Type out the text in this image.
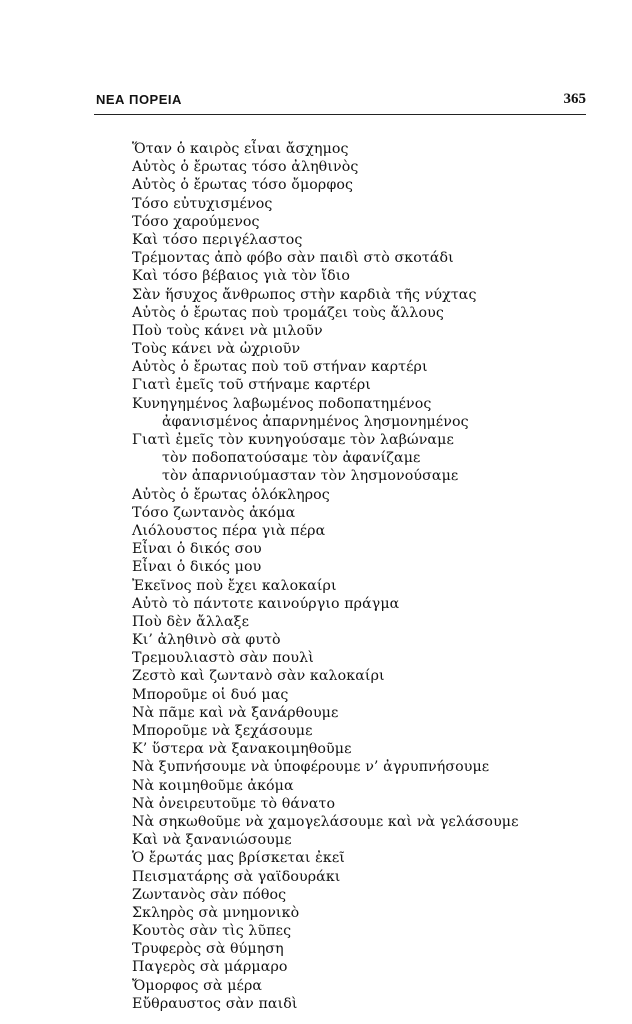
ΝΕΑ ΠΟΡΕΙΑ	365
Ὅταν ὁ καιρὸς εἶναι ἄσχημος
Αὐτὸς ὁ ἔρωτας τόσο ἀληθινὸς
Αὐτὸς ὁ ἔρωτας τόσο ὄμορφος
Τόσο εὐτυχισμένος
Τόσο χαρούμενος
Καὶ τόσο περιγέλαστος
Τρέμοντας ἀπὸ φόβο σὰν παιδὶ στὸ σκοτάδι
Καὶ τόσο βέβαιος γιὰ τὸν ἴδιο
Σὰν ἥσυχος ἄνθρωπος στὴν καρδιὰ τῆς νύχτας
Αὐτὸς ὁ ἔρωτας ποὺ τρομάζει τοὺς ἄλλους
Ποὺ τοὺς κάνει νὰ μιλοῦν
Τοὺς κάνει νὰ ὠχριοῦν
Αὐτὸς ὁ ἔρωτας ποὺ τοῦ στήναν καρτέρι
Γιατὶ ἐμεῖς τοῦ στήναμε καρτέρι
Κυνηγημένος λαβωμένος ποδοπατημένος
ἀφανισμένος ἀπαρνημένος λησμονημένος
Γιατὶ ἐμεῖς τὸν κυνηγούσαμε τὸν λαβώναμε
τὸν ποδοπατούσαμε τὸν ἀφανίζαμε
τὸν ἀπαρνιούμασταν τὸν λησμονούσαμε
Αὐτὸς ὁ ἔρωτας ὁλόκληρος
Τόσο ζωντανὸς ἀκόμα
Λιόλουστος πέρα γιὰ πέρα
Εἶναι ὁ δικός σου
Εἶναι ὁ δικός μου
Ἐκεῖνος ποὺ ἔχει καλοκαίρι
Αὐτὸ τὸ πάντοτε καινούργιο πράγμα
Ποὺ δὲν ἄλλαξε
Κι’ ἀληθινὸ σὰ φυτὸ
Τρεμουλιαστὸ σὰν πουλὶ
Ζεστὸ καὶ ζωντανὸ σὰν καλοκαίρι
Μποροῦμε οἱ δυό μας
Νὰ πᾶμε καὶ νὰ ξανάρθουμε
Μποροῦμε νὰ ξεχάσουμε
Κ’ ὕστερα νὰ ξανακοιμηθοῦμε
Νὰ ξυπνήσουμε νὰ ὑποφέρουμε ν’ ἀγρυπνήσουμε
Νὰ κοιμηθοῦμε ἀκόμα
Νὰ ὀνειρευτοῦμε τὸ θάνατο
Νὰ σηκωθοῦμε νὰ χαμογελάσουμε καὶ νὰ γελάσουμε
Καὶ νὰ ξανανιώσουμε
Ὁ ἔρωτάς μας βρίσκεται ἐκεῖ
Πεισματάρης σὰ γαϊδουράκι
Ζωντανὸς σὰν πόθος
Σκληρὸς σὰ μνημονικὸ
Κουτὸς σὰν τὶς λῦπες
Τρυφερὸς σὰ θύμηση
Παγερὸς σὰ μάρμαρο
Ὄμορφος σὰ μέρα
Εὔθραυστος σὰν παιδὶ
